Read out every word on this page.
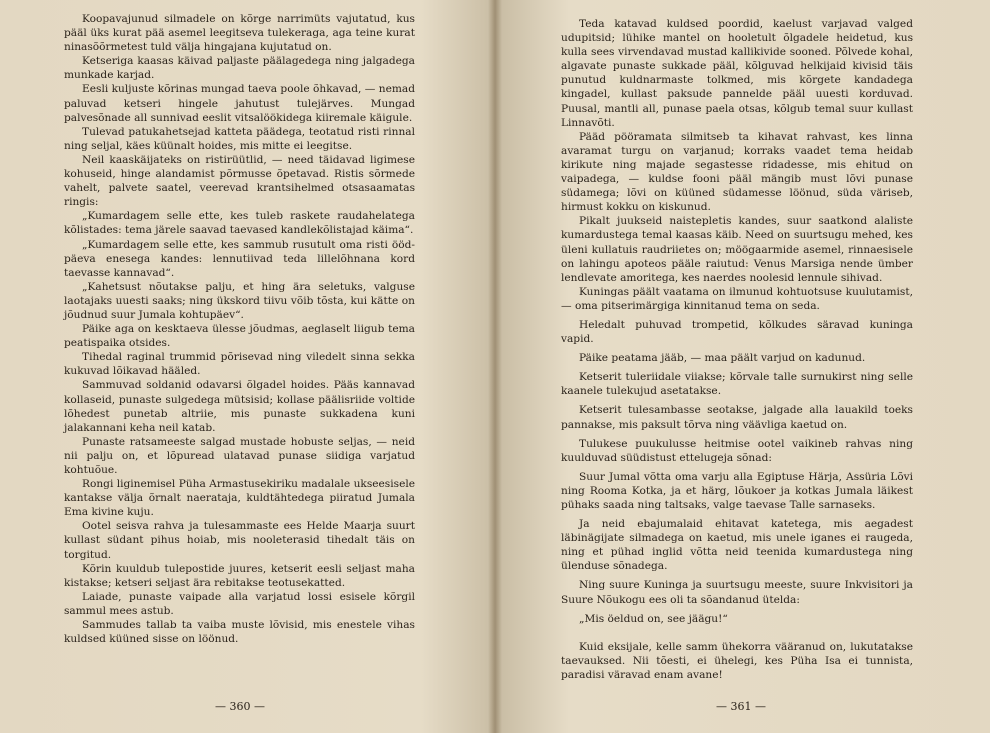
Koopavajunud silmadele on kõrge narrimüts vajutatud, kus pääl üks kurat pää asemel leegitseva tulekeraga, aga teine kurat ninasõõrmetest tuld välja hingajana kujutatud on.

Ketseriga kaasas käivad paljaste päälagedega ning jalgadega munkade karjad.

Eesli kuljuste kõrinas mungad taeva poole õhkavad, — nemad paluvad ketseri hingele jahutust tulejärves. Mungad palvesõnade all sunnivad eeslit vitsalöökidega kiiremale käigule.

Tulevad patukahetsejad katteta päädega, teotatud risti rinnal ning seljal, käes küünalt hoides, mis mitte ei leegitse.

Neil kaaskäijateks on ristirüütlid, — need täidavad ligimese kohuseid, hinge alandamist põrmusse õpetavad. Ristis sõrmede vahelt, palvete saatel, veerevad krantsihelmed otsasaamatas ringis:

„Kumardagem selle ette, kes tuleb raskete raudahelatega kõlistades: tema järele saavad taevased kandlekõlistajad käima“.

„Kumardagem selle ette, kes sammub rusutult oma risti ööd-päeva enesega kandes: lennutiivad teda lillelõhnana kord taevasse kannavad“.

„Kahetsust nõutakse palju, et hing ära seletuks, valguse laotajaks uuesti saaks; ning ükskord tiivu võib tõsta, kui kätte on jõudnud suur Jumala kohtupäev“.

Päike aga on kesktaeva ülesse jõudmas, aeglaselt liigub tema peatispaika otsides.

Tihedal raginal trummid põrisevad ning viledelt sinna sekka kukuvad lõikavad hääled.

Sammuvad soldanid odavarsi õlgadel hoides. Pääs kannavad kollaseid, punaste sulgedega mütsisid; kollase päälisriide voltide lõhedest punetab altriie, mis punaste sukkadena kuni jalakannani keha neil katab.

Punaste ratsameeste salgad mustade hobuste seljas, — neid nii palju on, et lõpuread ulatavad punase siidiga varjatud kohtuõue.

Rongi liginemisel Püha Armastusekiriku madalale ukseesisele kantakse välja õrnalt naerataja, kuldtähtedega piiratud Jumala Ema kivine kuju.

Ootel seisva rahva ja tulesammaste ees Helde Maarja suurt kullast südant pihus hoiab, mis nooleterasid tihedalt täis on torgitud.

Kõrin kuuldub tulepostide juures, ketserit eesli seljast maha kistakse; ketseri seljast ära rebitakse teotusekatted.

Laiade, punaste vaipade alla varjatud lossi esisele kõrgil sammul mees astub.

Sammudes tallab ta vaiba muste lõvisid, mis enestele vihas kuldsed küüned sisse on löönud.

— 360 —

Teda katavad kuldsed poordid, kaelust varjavad valged udupitsid; lühike mantel on hooletult õlgadele heidetud, kus kulla sees virvendavad mustad kallikivide sooned. Põlvede kohal, algavate punaste sukkade pääl, kõlguvad helkijaid kivisid täis punutud kuldnarmaste tolkmed, mis kõrgete kandadega kingadel, kullast paksude pannelde pääl uuesti korduvad. Puusal, mantli all, punase paela otsas, kõlgub temal suur kullast Linnavõti.

Pääd pööramata silmitseb ta kihavat rahvast, kes linna avaramat turgu on varjanud; korraks vaadet tema heidab kirikute ning majade segastesse ridadesse, mis ehitud on vaipadega, — kuldse fooni pääl mängib must lõvi punase südamega; lõvi on küüned südamesse löönud, süda väriseb, hirmust kokku on kiskunud.

Pikalt juukseid naistepletis kandes, suur saatkond alaliste kumardustega temal kaasas käib. Need on suurtsugu mehed, kes üleni kullatuis raudriietes on; möögaarmide asemel, rinnaesisele on lahingu apoteos pääle raiutud: Venus Marsiga nende ümber lendlevate amoritega, kes naerdes noolesid lennule sihivad.

Kuningas päält vaatama on ilmunud kohtuotsuse kuulutamist,— oma pitserimärgiga kinnitanud tema on seda.

Heledalt puhuvad trompetid, kõlkudes säravad kuninga vapid.

Päike peatama jääb, — maa päält varjud on kadunud.

Ketserit tuleriidale viiakse; kõrvale talle surnukirst ning selle kaanele tulekujud asetatakse.

Ketserit tulesambasse seotakse, jalgade alla lauakild toeks pannakse, mis paksult tõrva ning väävliga kaetud on.

Tulukese puukulusse heitmise ootel vaikineb rahvas ning kuulduvad süüdistust ettelugeja sõnad:

Suur Jumal võtta oma varju alla Egiptuse Härja, Assüria Lõvi ning Rooma Kotka, ja et härg, lõukoer ja kotkas Jumala läikest pühaks saada ning taltsaks, valge taevase Talle sarnaseks.

Ja neid ebajumalaid ehitavat katetega, mis aegadest läbinägijate silmadega on kaetud, mis unele iganes ei raugeda, ning et pühad inglid võtta neid teenida kumardustega ning ülenduse sõnadega.

Ning suure Kuninga ja suurtsugu meeste, suure Inkvisitori ja Suure Nõukogu ees oli ta sõandanud ütelda:

„Mis öeldud on, see jäägu!“

Kuid eksijale, kelle samm ühekorra vääranud on, lukutatakse taevauksed. Nii tõesti, ei ühelegi, kes Püha Isa ei tunnista, paradisi väravad enam avane!

— 361 —
